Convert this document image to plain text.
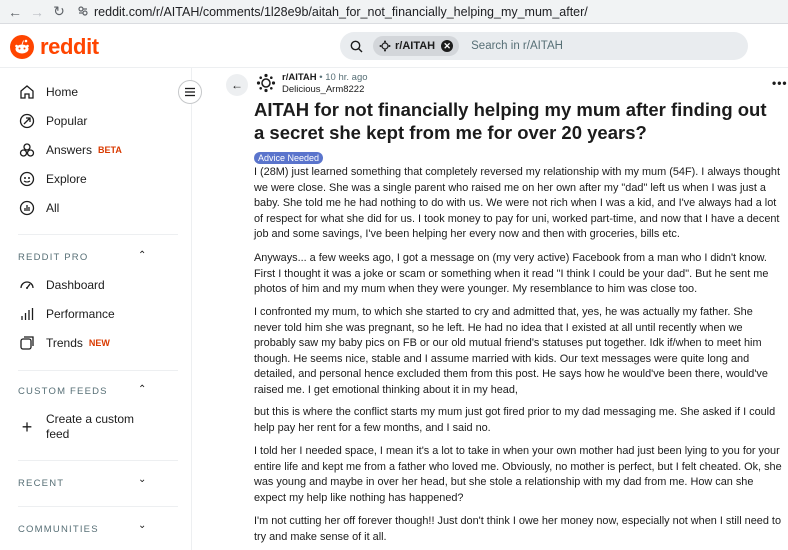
← → ↻	reddit.com/r/AITAH/comments/1l28e9b/aitah_for_not_financially_helping_my_mum_after/
reddit	r/AITAH ✕ Search in r/AITAH
Home
Popular
Answers BETA
Explore
All
REDDIT PRO	⌃
Dashboard
Performance
Trends NEW
CUSTOM FEEDS	⌃
+	Create a custom
feed
RECENT	⌄
COMMUNITIES	⌄
←
r/AITAH • 10 hr. ago
Delicious_Arm8222	•••
AITAH for not financially helping my mum after finding out a secret she kept from me for over 20 years?
Advice Needed
I (28M) just learned something that completely reversed my relationship with my mum (54F). I always thought we were close. She was a single parent who raised me on her own after my "dad" left us when I was just a baby. She told me he had nothing to do with us. We were not rich when I was a kid, and I've always had a lot of respect for what she did for us. I took money to pay for uni, worked part-time, and now that I have a decent job and some savings, I've been helping her every now and then with groceries, bills etc.
Anyways... a few weeks ago, I got a message on (my very active) Facebook from a man who I didn't know. First I thought it was a joke or scam or something when it read "I think I could be your dad". But he sent me photos of him and my mum when they were younger. My resemblance to him was close too.
I confronted my mum, to which she started to cry and admitted that, yes, he was actually my father. She never told him she was pregnant, so he left. He had no idea that I existed at all until recently when we probably saw my baby pics on FB or our old mutual friend's statuses put together. Idk if/when to meet him though. He seems nice, stable and I assume married with kids. Our text messages were quite long and detailed, and personal hence excluded them from this post. He says how he would've been there, would've raised me. I get emotional thinking about it in my head,
but this is where the conflict starts my mum just got fired prior to my dad messaging me. She asked if I could help pay her rent for a few months, and I said no.
I told her I needed space, I mean it's a lot to take in when your own mother had just been lying to you for your entire life and kept me from a father who loved me. Obviously, no mother is perfect, but I felt cheated. Ok, she was young and maybe in over her head, but she stole a relationship with my dad from me. How can she expect my help like nothing has happened?
I'm not cutting her off forever though!! Just don't think I owe her money now, especially not when I still need to try and make sense of it all.
